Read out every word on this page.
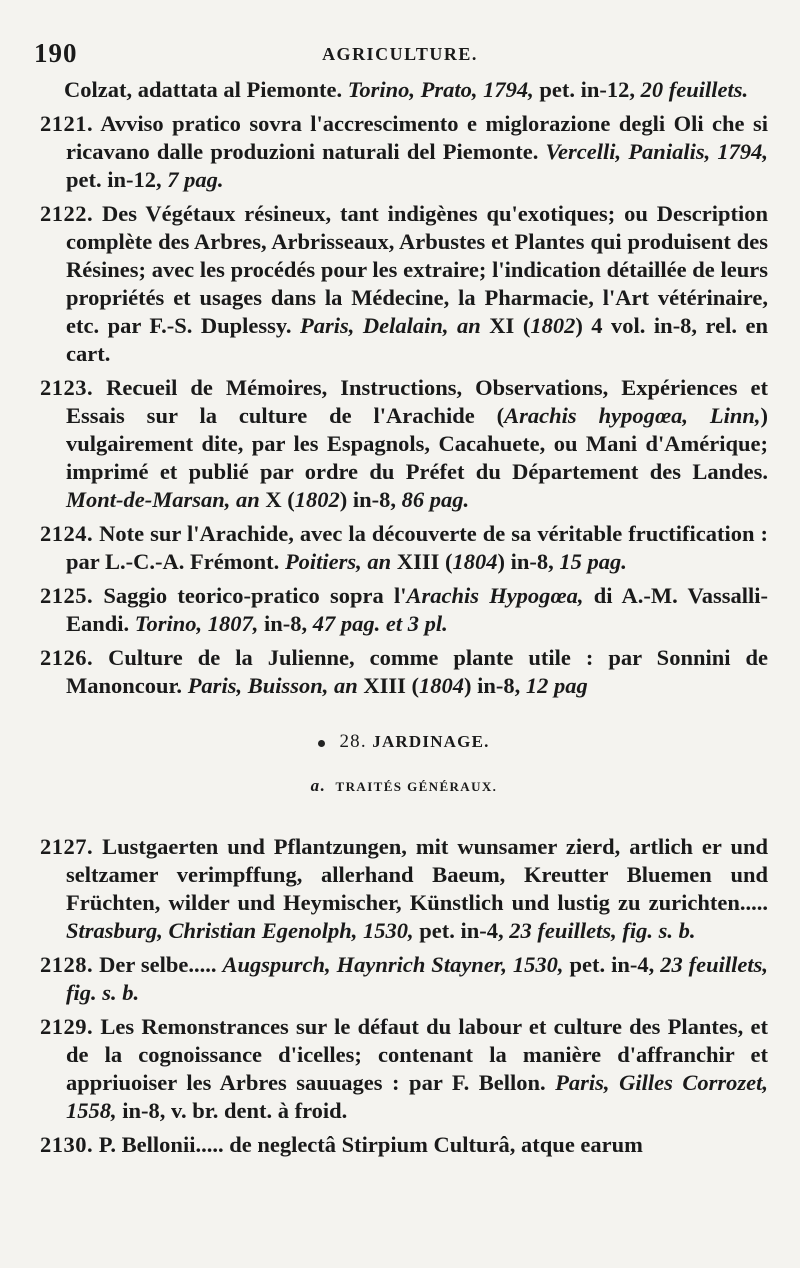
190	AGRICULTURE.

Colzat, adattata al Piemonte. Torino, Prato, 1794, pet. in-12, 20 feuillets.

2121. Avviso pratico sovra l'accrescimento e miglorazione degli Oli che si ricavano dalle produzioni naturali del Piemonte. Vercelli, Panialis, 1794, pet. in-12, 7 pag.

2122. Des Végétaux résineux, tant indigènes qu'exotiques; ou Description complète des Arbres, Arbrisseaux, Arbustes et Plantes qui produisent des Résines; avec les procédés pour les extraire; l'indication détaillée de leurs propriétés et usages dans la Médecine, la Pharmacie, l'Art vétérinaire, etc. par F.-S. Duplessy. Paris, Delalain, an XI (1802) 4 vol. in-8, rel. en cart.

2123. Recueil de Mémoires, Instructions, Observations, Expériences et Essais sur la culture de l'Arachide (Arachis hypogœa, Linn,) vulgairement dite, par les Espagnols, Cacahuete, ou Mani d'Amérique; imprimé et publié par ordre du Préfet du Département des Landes. Mont-de-Marsan, an X (1802) in-8, 86 pag.

2124. Note sur l'Arachide, avec la découverte de sa véritable fructification : par L.-C.-A. Frémont. Poitiers, an XIII (1804) in-8, 15 pag.

2125. Saggio teorico-pratico sopra l'Arachis Hypogœa, di A.-M. Vassalli-Eandi. Torino, 1807, in-8, 47 pag. et 3 pl.

2126. Culture de la Julienne, comme plante utile : par Sonnini de Manoncour. Paris, Buisson, an XIII (1804) in-8, 12 pag

28. JARDINAGE.
a. TRAITÉS GÉNÉRAUX.

2127. Lustgaerten und Pflantzungen, mit wunsamer zierd, artlich er und seltzamer verimpffung, allerhand Baeum, Kreutter Bluemen und Früchten, wilder und Heymischer, Künstlich und lustig zu zurichten..... Strasburg, Christian Egenolph, 1530, pet. in-4, 23 feuillets, fig. s. b.

2128. Der selbe..... Augspurch, Haynrich Stayner, 1530, pet. in-4, 23 feuillets, fig. s. b.

2129. Les Remonstrances sur le défaut du labour et culture des Plantes, et de la cognoissance d'icelles; contenant la manière d'affranchir et appriuoiser les Arbres sauuages : par F. Bellon. Paris, Gilles Corrozet, 1558, in-8, v. br. dent. à froid.

2130. P. Bellonii..... de neglectâ Stirpium Culturâ, atque earum
